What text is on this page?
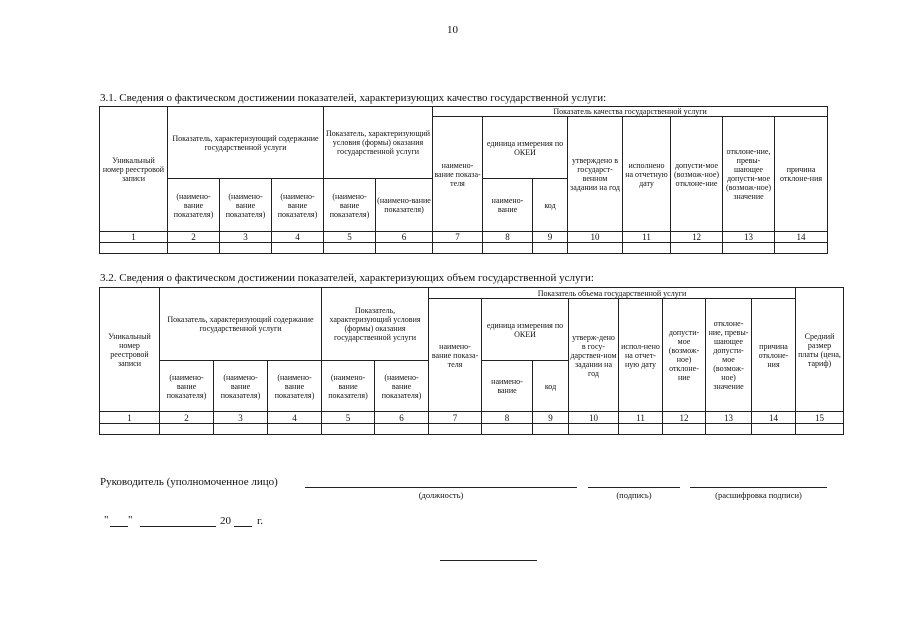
10
3.1. Сведения о фактическом достижении показателей, характеризующих качество государственной услуги:
Уникальный номер реестровой записи	Показатель, характеризующий содержание государственной услуги			Показатель, характеризующий условия (формы) оказания государственной услуги		Показатель качества государственной услуги							
						наимено-вание показа-теля	единица измерения по ОКЕИ		утверждено в государст-венном задании на год	исполнено на отчетную дату	допусти-мое (возмож-ное) отклоне-ние	отклоне-ние, превы-шающее допусти-мое (возмож-ное) значение	причина отклоне-ния
	(наимено-вание показателя)	(наимено-вание показателя)	(наимено-вание показателя)	(наимено-вание показателя)	(наимено-вание показателя)		наимено-вание	код					
1	2	3	4	5	6	7	8	9	10	11	12	13	14

3.2. Сведения о фактическом достижении показателей, характеризующих объем государственной услуги:
Уникальный номер реестровой записи	Показатель, характеризующий содержание государственной услуги			Показатель, характеризующий условия (формы) оказания государственной услуги		Показатель объема государственной услуги								Средний размер платы (цена, тариф)
						наимено-вание показа-теля	единица измерения по ОКЕИ		утверж-дено в госу-дарствен-ном задании на год	испол-нено на отчет-ную дату	допусти-мое (возмож-ное) отклоне-ние	отклоне-ние, превы-шающее допусти-мое (возмож-ное) значение	причина отклоне-ния	
	(наимено-вание показателя)	(наимено-вание показателя)	(наимено-вание показателя)	(наимено-вание показателя)	(наимено-вание показателя)		наимено-вание	код						
1	2	3	4	5	6	7	8	9	10	11	12	13	14	15

Руководитель (уполномоченное лицо)
(должность)	(подпись)	(расшифровка подписи)
" "	20 г.
